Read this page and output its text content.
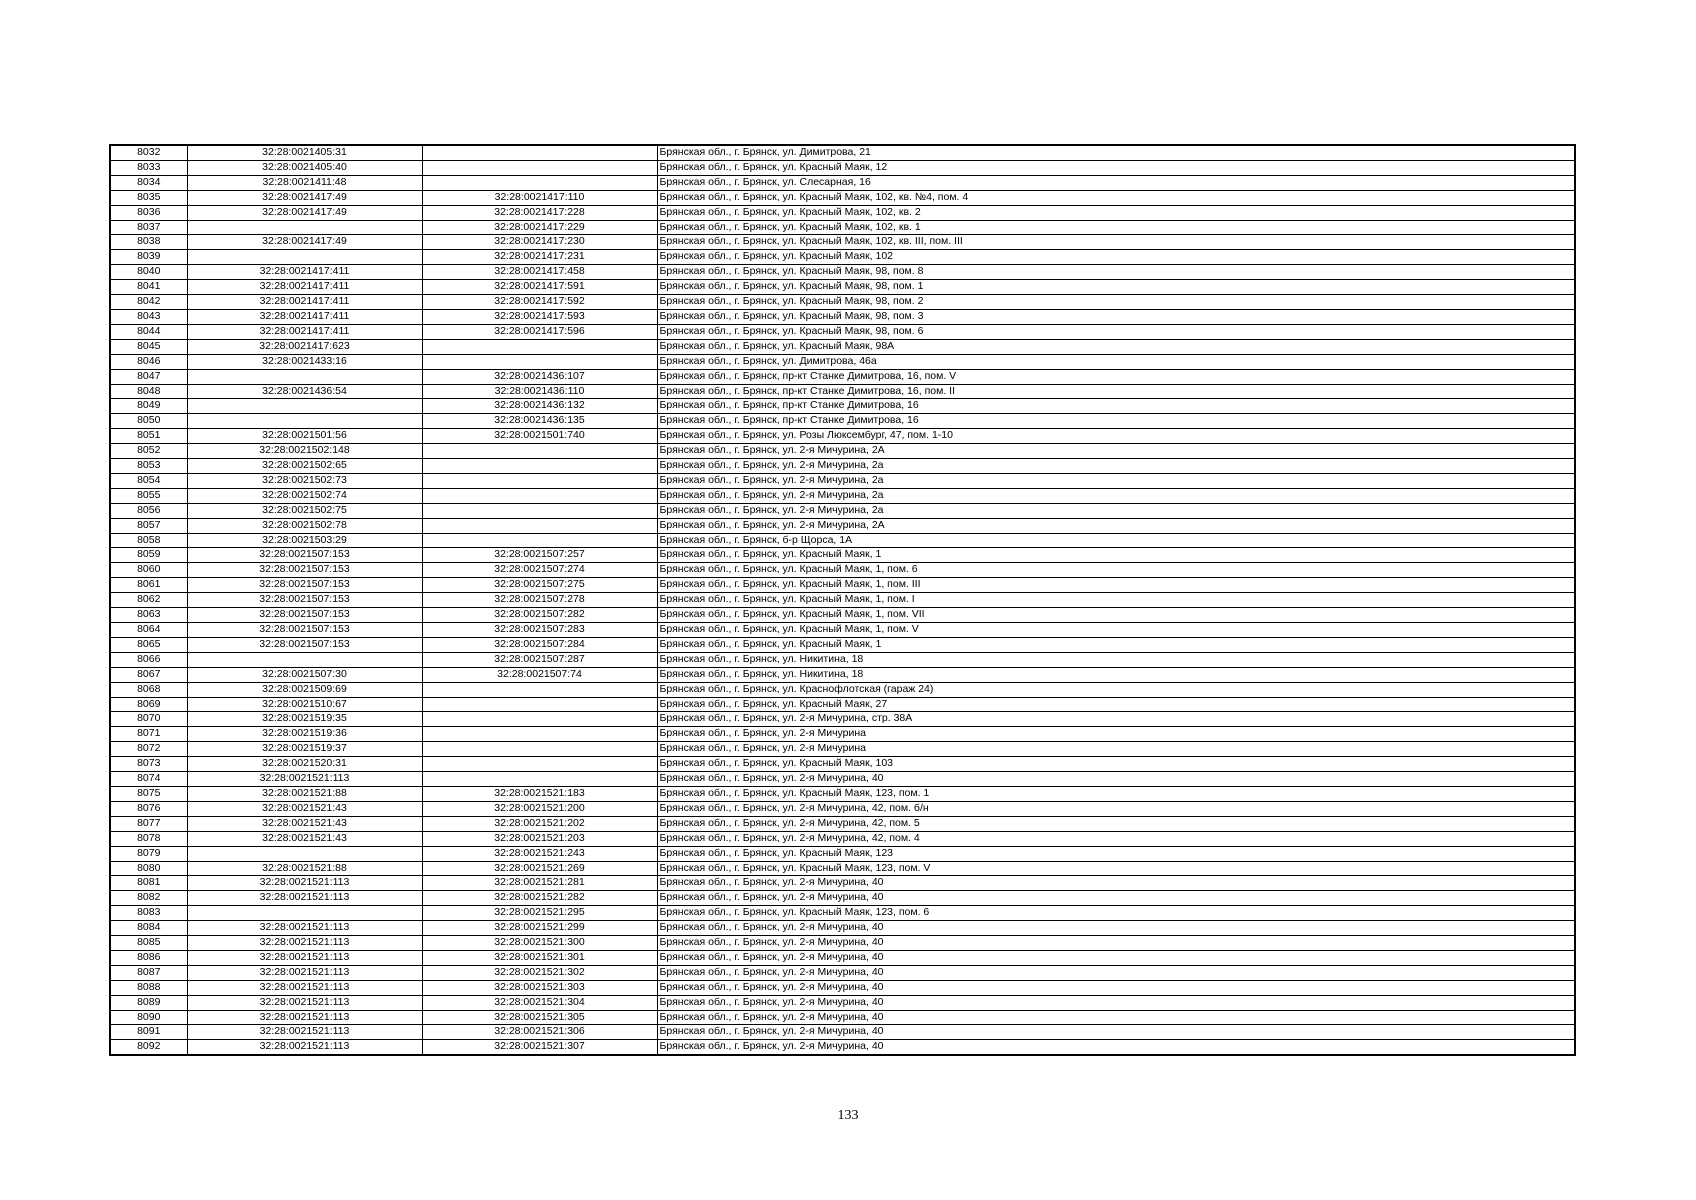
8032	32:28:0021405:31		Брянская обл., г. Брянск, ул. Димитрова, 21
8033	32:28:0021405:40		Брянская обл., г. Брянск, ул. Красный Маяк, 12
8034	32:28:0021411:48		Брянская обл., г. Брянск, ул. Слесарная, 16
8035	32:28:0021417:49	32:28:0021417:110	Брянская обл., г. Брянск, ул. Красный Маяк, 102, кв. №4, пом. 4
8036	32:28:0021417:49	32:28:0021417:228	Брянская обл., г. Брянск, ул. Красный Маяк, 102, кв. 2
8037		32:28:0021417:229	Брянская обл., г. Брянск, ул. Красный Маяк, 102, кв. 1
8038	32:28:0021417:49	32:28:0021417:230	Брянская обл., г. Брянск, ул. Красный Маяк, 102, кв. III, пом. III
8039		32:28:0021417:231	Брянская обл., г. Брянск, ул. Красный Маяк, 102
8040	32:28:0021417:411	32:28:0021417:458	Брянская обл., г. Брянск, ул. Красный Маяк, 98, пом. 8
8041	32:28:0021417:411	32:28:0021417:591	Брянская обл., г. Брянск, ул. Красный Маяк, 98, пом. 1
8042	32:28:0021417:411	32:28:0021417:592	Брянская обл., г. Брянск, ул. Красный Маяк, 98, пом. 2
8043	32:28:0021417:411	32:28:0021417:593	Брянская обл., г. Брянск, ул. Красный Маяк, 98, пом. 3
8044	32:28:0021417:411	32:28:0021417:596	Брянская обл., г. Брянск, ул. Красный Маяк, 98, пом. 6
8045	32:28:0021417:623		Брянская обл., г. Брянск, ул. Красный Маяк, 98А
8046	32:28:0021433:16		Брянская обл., г. Брянск, ул. Димитрова, 46а
8047		32:28:0021436:107	Брянская обл., г. Брянск, пр-кт Станке Димитрова, 16, пом. V
8048	32:28:0021436:54	32:28:0021436:110	Брянская обл., г. Брянск, пр-кт Станке Димитрова, 16, пом. II
8049		32:28:0021436:132	Брянская обл., г. Брянск, пр-кт Станке Димитрова, 16
8050		32:28:0021436:135	Брянская обл., г. Брянск, пр-кт Станке Димитрова, 16
8051	32:28:0021501:56	32:28:0021501:740	Брянская обл., г. Брянск, ул. Розы Люксембург, 47, пом. 1-10
8052	32:28:0021502:148		Брянская обл., г. Брянск, ул. 2-я Мичурина, 2А
8053	32:28:0021502:65		Брянская обл., г. Брянск, ул. 2-я Мичурина, 2а
8054	32:28:0021502:73		Брянская обл., г. Брянск, ул. 2-я Мичурина, 2а
8055	32:28:0021502:74		Брянская обл., г. Брянск, ул. 2-я Мичурина, 2а
8056	32:28:0021502:75		Брянская обл., г. Брянск, ул. 2-я Мичурина, 2а
8057	32:28:0021502:78		Брянская обл., г. Брянск, ул. 2-я Мичурина, 2А
8058	32:28:0021503:29		Брянская обл., г. Брянск, б-р Щорса, 1А
8059	32:28:0021507:153	32:28:0021507:257	Брянская обл., г. Брянск, ул. Красный Маяк, 1
8060	32:28:0021507:153	32:28:0021507:274	Брянская обл., г. Брянск, ул. Красный Маяк, 1, пом. 6
8061	32:28:0021507:153	32:28:0021507:275	Брянская обл., г. Брянск, ул. Красный Маяк, 1, пом. III
8062	32:28:0021507:153	32:28:0021507:278	Брянская обл., г. Брянск, ул. Красный Маяк, 1, пом. I
8063	32:28:0021507:153	32:28:0021507:282	Брянская обл., г. Брянск, ул. Красный Маяк, 1, пом. VII
8064	32:28:0021507:153	32:28:0021507:283	Брянская обл., г. Брянск, ул. Красный Маяк, 1, пом. V
8065	32:28:0021507:153	32:28:0021507:284	Брянская обл., г. Брянск, ул. Красный Маяк, 1
8066		32:28:0021507:287	Брянская обл., г. Брянск, ул. Никитина, 18
8067	32:28:0021507:30	32:28:0021507:74	Брянская обл., г. Брянск, ул. Никитина, 18
8068	32:28:0021509:69		Брянская обл., г. Брянск, ул. Краснофлотская (гараж 24)
8069	32:28:0021510:67		Брянская обл., г. Брянск, ул. Красный Маяк, 27
8070	32:28:0021519:35		Брянская обл., г. Брянск, ул. 2-я Мичурина, стр. 38А
8071	32:28:0021519:36		Брянская обл., г. Брянск, ул. 2-я Мичурина
8072	32:28:0021519:37		Брянская обл., г. Брянск, ул. 2-я Мичурина
8073	32:28:0021520:31		Брянская обл., г. Брянск, ул. Красный Маяк, 103
8074	32:28:0021521:113		Брянская обл., г. Брянск, ул. 2-я Мичурина, 40
8075	32:28:0021521:88	32:28:0021521:183	Брянская обл., г. Брянск, ул. Красный Маяк, 123, пом. 1
8076	32:28:0021521:43	32:28:0021521:200	Брянская обл., г. Брянск, ул. 2-я Мичурина, 42, пом. б/н
8077	32:28:0021521:43	32:28:0021521:202	Брянская обл., г. Брянск, ул. 2-я Мичурина, 42, пом. 5
8078	32:28:0021521:43	32:28:0021521:203	Брянская обл., г. Брянск, ул. 2-я Мичурина, 42, пом. 4
8079		32:28:0021521:243	Брянская обл., г. Брянск, ул. Красный Маяк, 123
8080	32:28:0021521:88	32:28:0021521:269	Брянская обл., г. Брянск, ул. Красный Маяк, 123, пом. V
8081	32:28:0021521:113	32:28:0021521:281	Брянская обл., г. Брянск, ул. 2-я Мичурина, 40
8082	32:28:0021521:113	32:28:0021521:282	Брянская обл., г. Брянск, ул. 2-я Мичурина, 40
8083		32:28:0021521:295	Брянская обл., г. Брянск, ул. Красный Маяк, 123, пом. 6
8084	32:28:0021521:113	32:28:0021521:299	Брянская обл., г. Брянск, ул. 2-я Мичурина, 40
8085	32:28:0021521:113	32:28:0021521:300	Брянская обл., г. Брянск, ул. 2-я Мичурина, 40
8086	32:28:0021521:113	32:28:0021521:301	Брянская обл., г. Брянск, ул. 2-я Мичурина, 40
8087	32:28:0021521:113	32:28:0021521:302	Брянская обл., г. Брянск, ул. 2-я Мичурина, 40
8088	32:28:0021521:113	32:28:0021521:303	Брянская обл., г. Брянск, ул. 2-я Мичурина, 40
8089	32:28:0021521:113	32:28:0021521:304	Брянская обл., г. Брянск, ул. 2-я Мичурина, 40
8090	32:28:0021521:113	32:28:0021521:305	Брянская обл., г. Брянск, ул. 2-я Мичурина, 40
8091	32:28:0021521:113	32:28:0021521:306	Брянская обл., г. Брянск, ул. 2-я Мичурина, 40
8092	32:28:0021521:113	32:28:0021521:307	Брянская обл., г. Брянск, ул. 2-я Мичурина, 40
133
